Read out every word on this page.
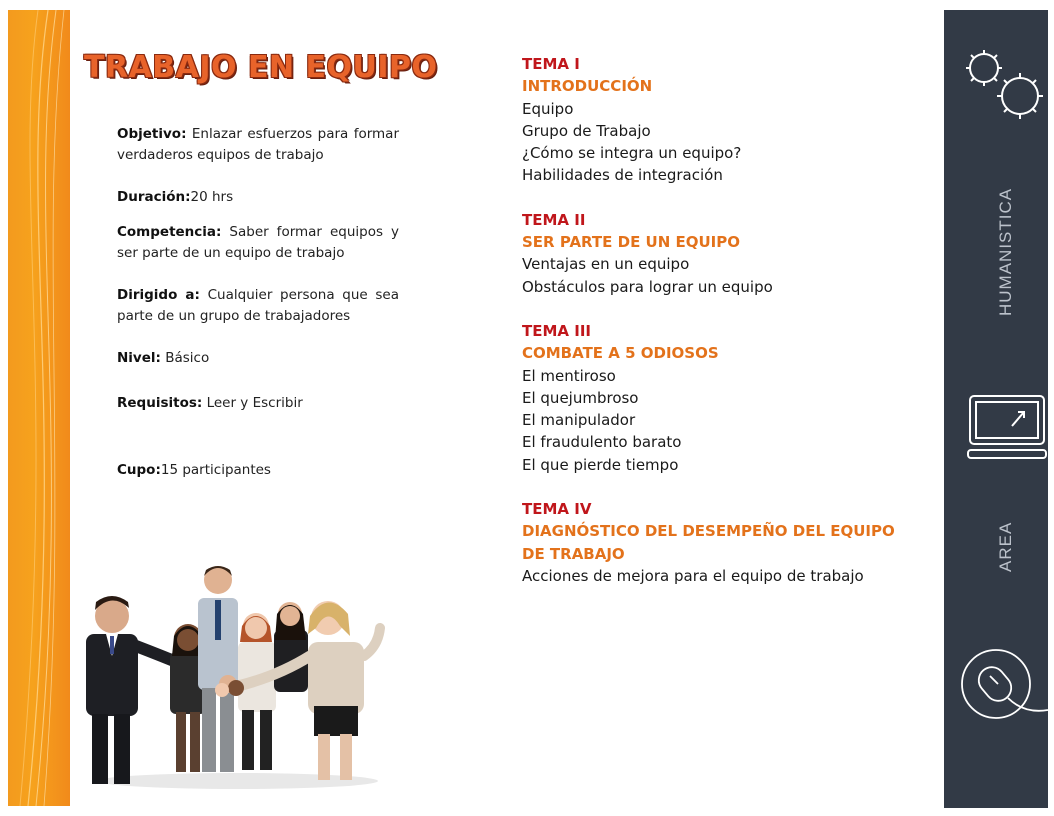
TRABAJO EN EQUIPO

Objetivo: Enlazar esfuerzos para formar verdaderos equipos de trabajo

Duración:20 hrs

Competencia: Saber formar equipos y ser parte de un equipo de trabajo

Dirigido a: Cualquier persona que sea parte de un grupo de trabajadores

Nivel: Básico

Requisitos: Leer y Escribir

Cupo:15 participantes

TEMA I
INTRODUCCIÓN
Equipo
Grupo de Trabajo
¿Cómo se integra un equipo?
Habilidades de integración
TEMA II
SER PARTE DE UN EQUIPO
Ventajas en un equipo
Obstáculos para lograr un equipo
TEMA III
COMBATE A 5 ODIOSOS
El mentiroso
El quejumbroso
El manipulador
El fraudulento barato
El que pierde tiempo
TEMA IV
DIAGNÓSTICO DEL DESEMPEÑO DEL EQUIPO DE TRABAJO
Acciones de mejora para el equipo de trabajo
HUMANISTICA
AREA
